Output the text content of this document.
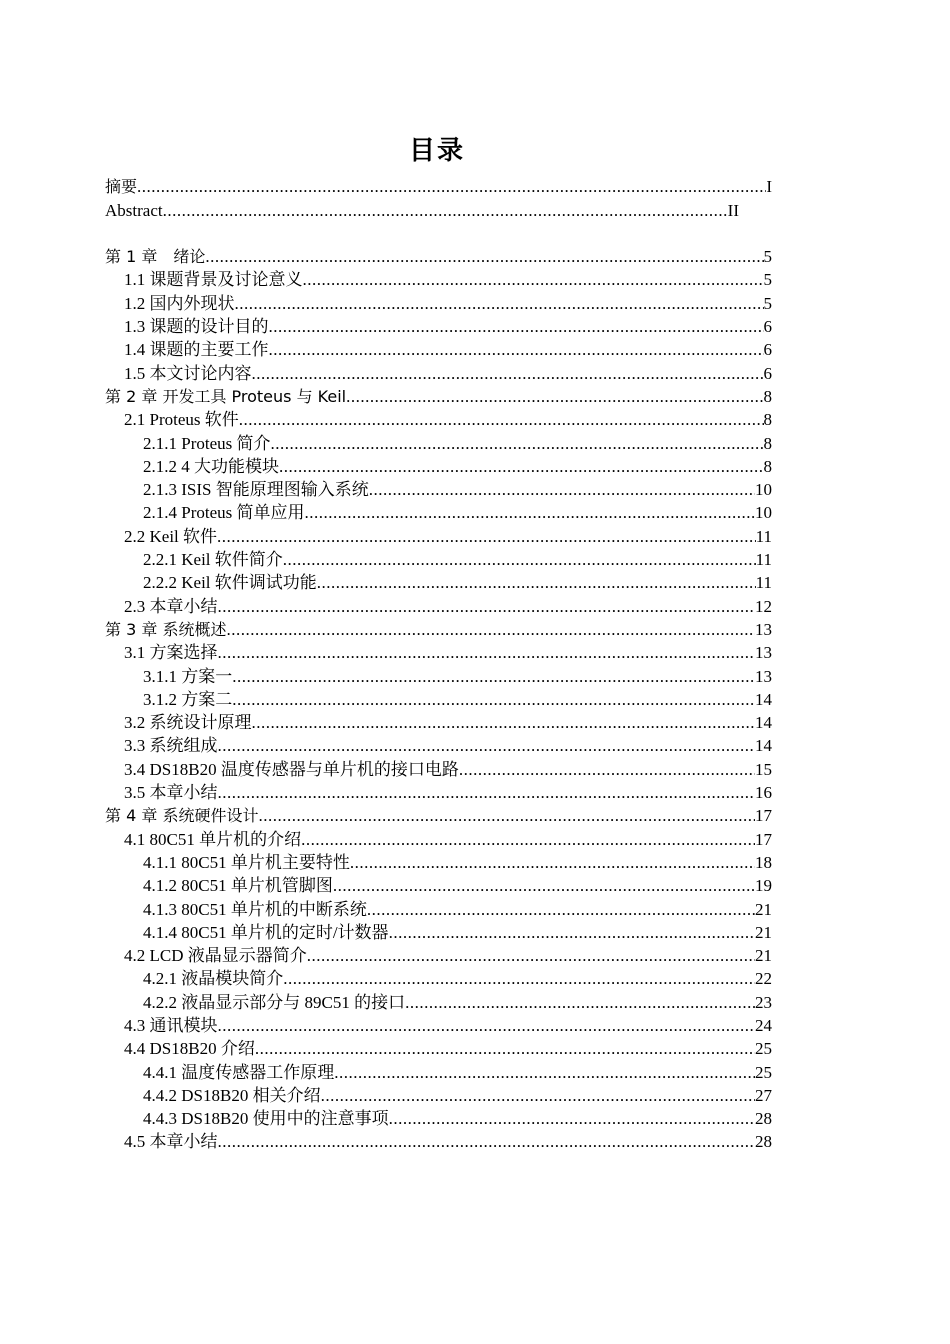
目录
摘要 .....	I
Abstract .....	II
第 1 章　绪论 .....	5
1.1 课题背景及讨论意义 .....	5
1.2 国内外现状 .....	5
1.3 课题的设计目的 .....	6
1.4 课题的主要工作 .....	6
1.5 本文讨论内容 .....	6
第 2 章 开发工具 Proteus 与 Keil .....	8
2.1 Proteus 软件 .....	8
2.1.1 Proteus 简介 .....	8
2.1.2 4 大功能模块 .....	8
2.1.3 ISIS 智能原理图输入系统 .....	10
2.1.4 Proteus 简单应用 .....	10
2.2 Keil 软件 .....	11
2.2.1 Keil 软件简介 .....	11
2.2.2 Keil 软件调试功能 .....	11
2.3 本章小结 .....	12
第 3 章 系统概述 .....	13
3.1 方案选择 .....	13
3.1.1 方案一 .....	13
3.1.2 方案二 .....	14
3.2 系统设计原理 .....	14
3.3 系统组成 .....	14
3.4 DS18B20 温度传感器与单片机的接口电路 .....	15
3.5 本章小结 .....	16
第 4 章 系统硬件设计 .....	17
4.1 80C51 单片机的介绍 .....	17
4.1.1 80C51 单片机主要特性 .....	18
4.1.2 80C51 单片机管脚图 .....	19
4.1.3 80C51 单片机的中断系统 .....	21
4.1.4 80C51 单片机的定时/计数器 .....	21
4.2 LCD 液晶显示器简介 .....	21
4.2.1 液晶模块简介 .....	22
4.2.2 液晶显示部分与 89C51 的接口 .....	23
4.3 通讯模块 .....	24
4.4 DS18B20 介绍 .....	25
4.4.1 温度传感器工作原理 .....	25
4.4.2 DS18B20 相关介绍 .....	27
4.4.3 DS18B20 使用中的注意事项 .....	28
4.5 本章小结 .....	28
